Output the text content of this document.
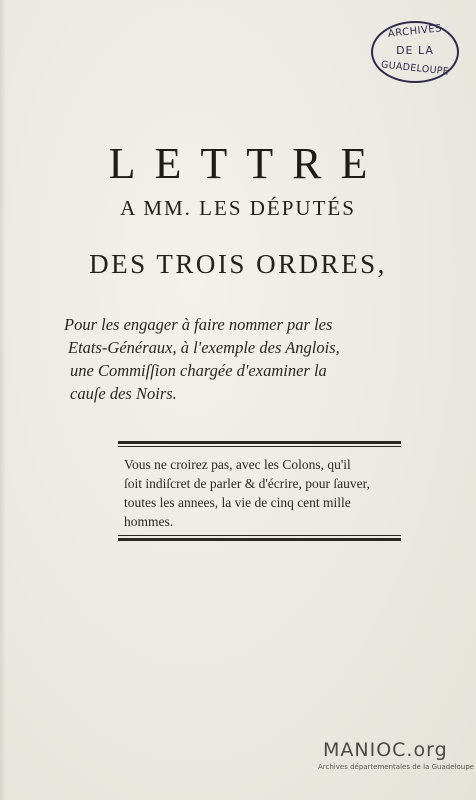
ARCHIVES
DE LA
GUADELOUPE
LETTRE
A MM. LES DÉPUTÉS
DES TROIS ORDRES,
Pour les engager à faire nommer par les
Etats-Généraux, à l'exemple des Anglois,
une Commiſſion chargée d'examiner la
cauſe des Noirs.
Vous ne croirez pas, avec les Colons, qu'il
ſoit indiſcret de parler & d'écrire, pour ſauver,
toutes les annees, la vie de cinq cent mille
hommes.
MANIOC.org
Archives départementales de la Guadeloupe
